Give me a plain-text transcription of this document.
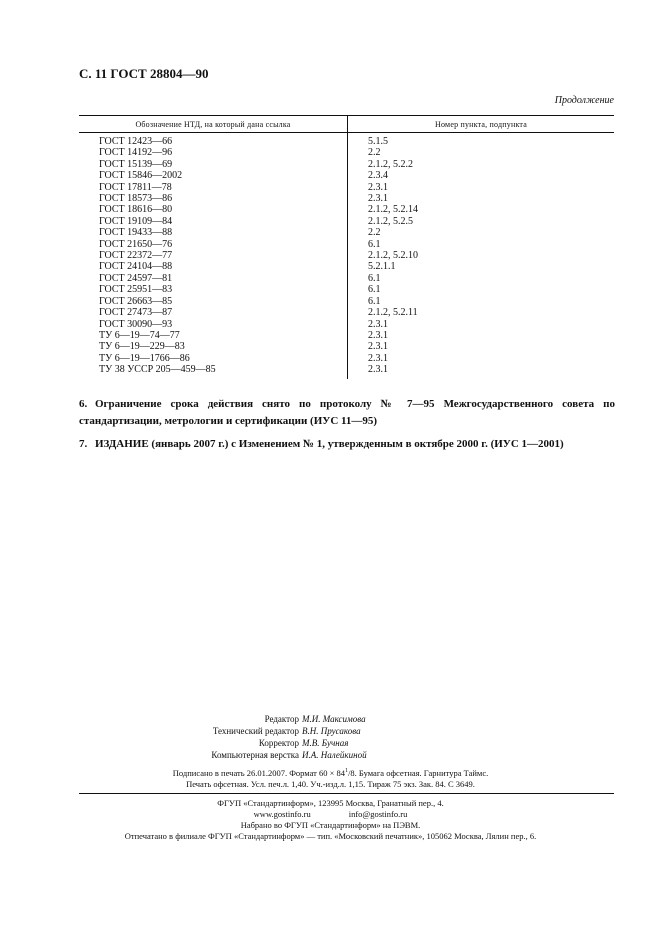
С. 11 ГОСТ 28804—90
Продолжение
Обозначение НТД, на который дана ссылка	Номер пункта, подпункта
ГОСТ 12423—66	5.1.5
ГОСТ 14192—96	2.2
ГОСТ 15139—69	2.1.2, 5.2.2
ГОСТ 15846—2002	2.3.4
ГОСТ 17811—78	2.3.1
ГОСТ 18573—86	2.3.1
ГОСТ 18616—80	2.1.2, 5.2.14
ГОСТ 19109—84	2.1.2, 5.2.5
ГОСТ 19433—88	2.2
ГОСТ 21650—76	6.1
ГОСТ 22372—77	2.1.2, 5.2.10
ГОСТ 24104—88	5.2.1.1
ГОСТ 24597—81	6.1
ГОСТ 25951—83	6.1
ГОСТ 26663—85	6.1
ГОСТ 27473—87	2.1.2, 5.2.11
ГОСТ 30090—93	2.3.1
ТУ 6—19—74—77	2.3.1
ТУ 6—19—229—83	2.3.1
ТУ 6—19—1766—86	2.3.1
ТУ 38 УССР 205—459—85	2.3.1
6. Ограничение срока действия снято по протоколу № 7—95 Межгосударственного совета по стандартизации, метрологии и сертификации (ИУС 11—95)
7. ИЗДАНИЕ (январь 2007 г.) с Изменением № 1, утвержденным в октябре 2000 г. (ИУС 1—2001)
Редактор М.И. Максимова
Технический редактор В.Н. Прусакова
Корректор М.В. Бучная
Компьютерная верстка И.А. Налейкиной
Подписано в печать 26.01.2007. Формат $60 \times 84^1/8$. Бумага офсетная. Гарнитура Таймс.
Печать офсетная. Усл. печ.л. 1,40. Уч.-изд.л. 1,15. Тираж 75 экз. Зак. 84. С 3649.
ФГУП «Стандартинформ», 123995 Москва, Гранатный пер., 4.
www.gostinfo.ru	info@gostinfo.ru
Набрано во ФГУП «Стандартинформ» на ПЭВМ.
Отпечатано в филиале ФГУП «Стандартинформ» — тип. «Московский печатник», 105062 Москва, Лялин пер., 6.
